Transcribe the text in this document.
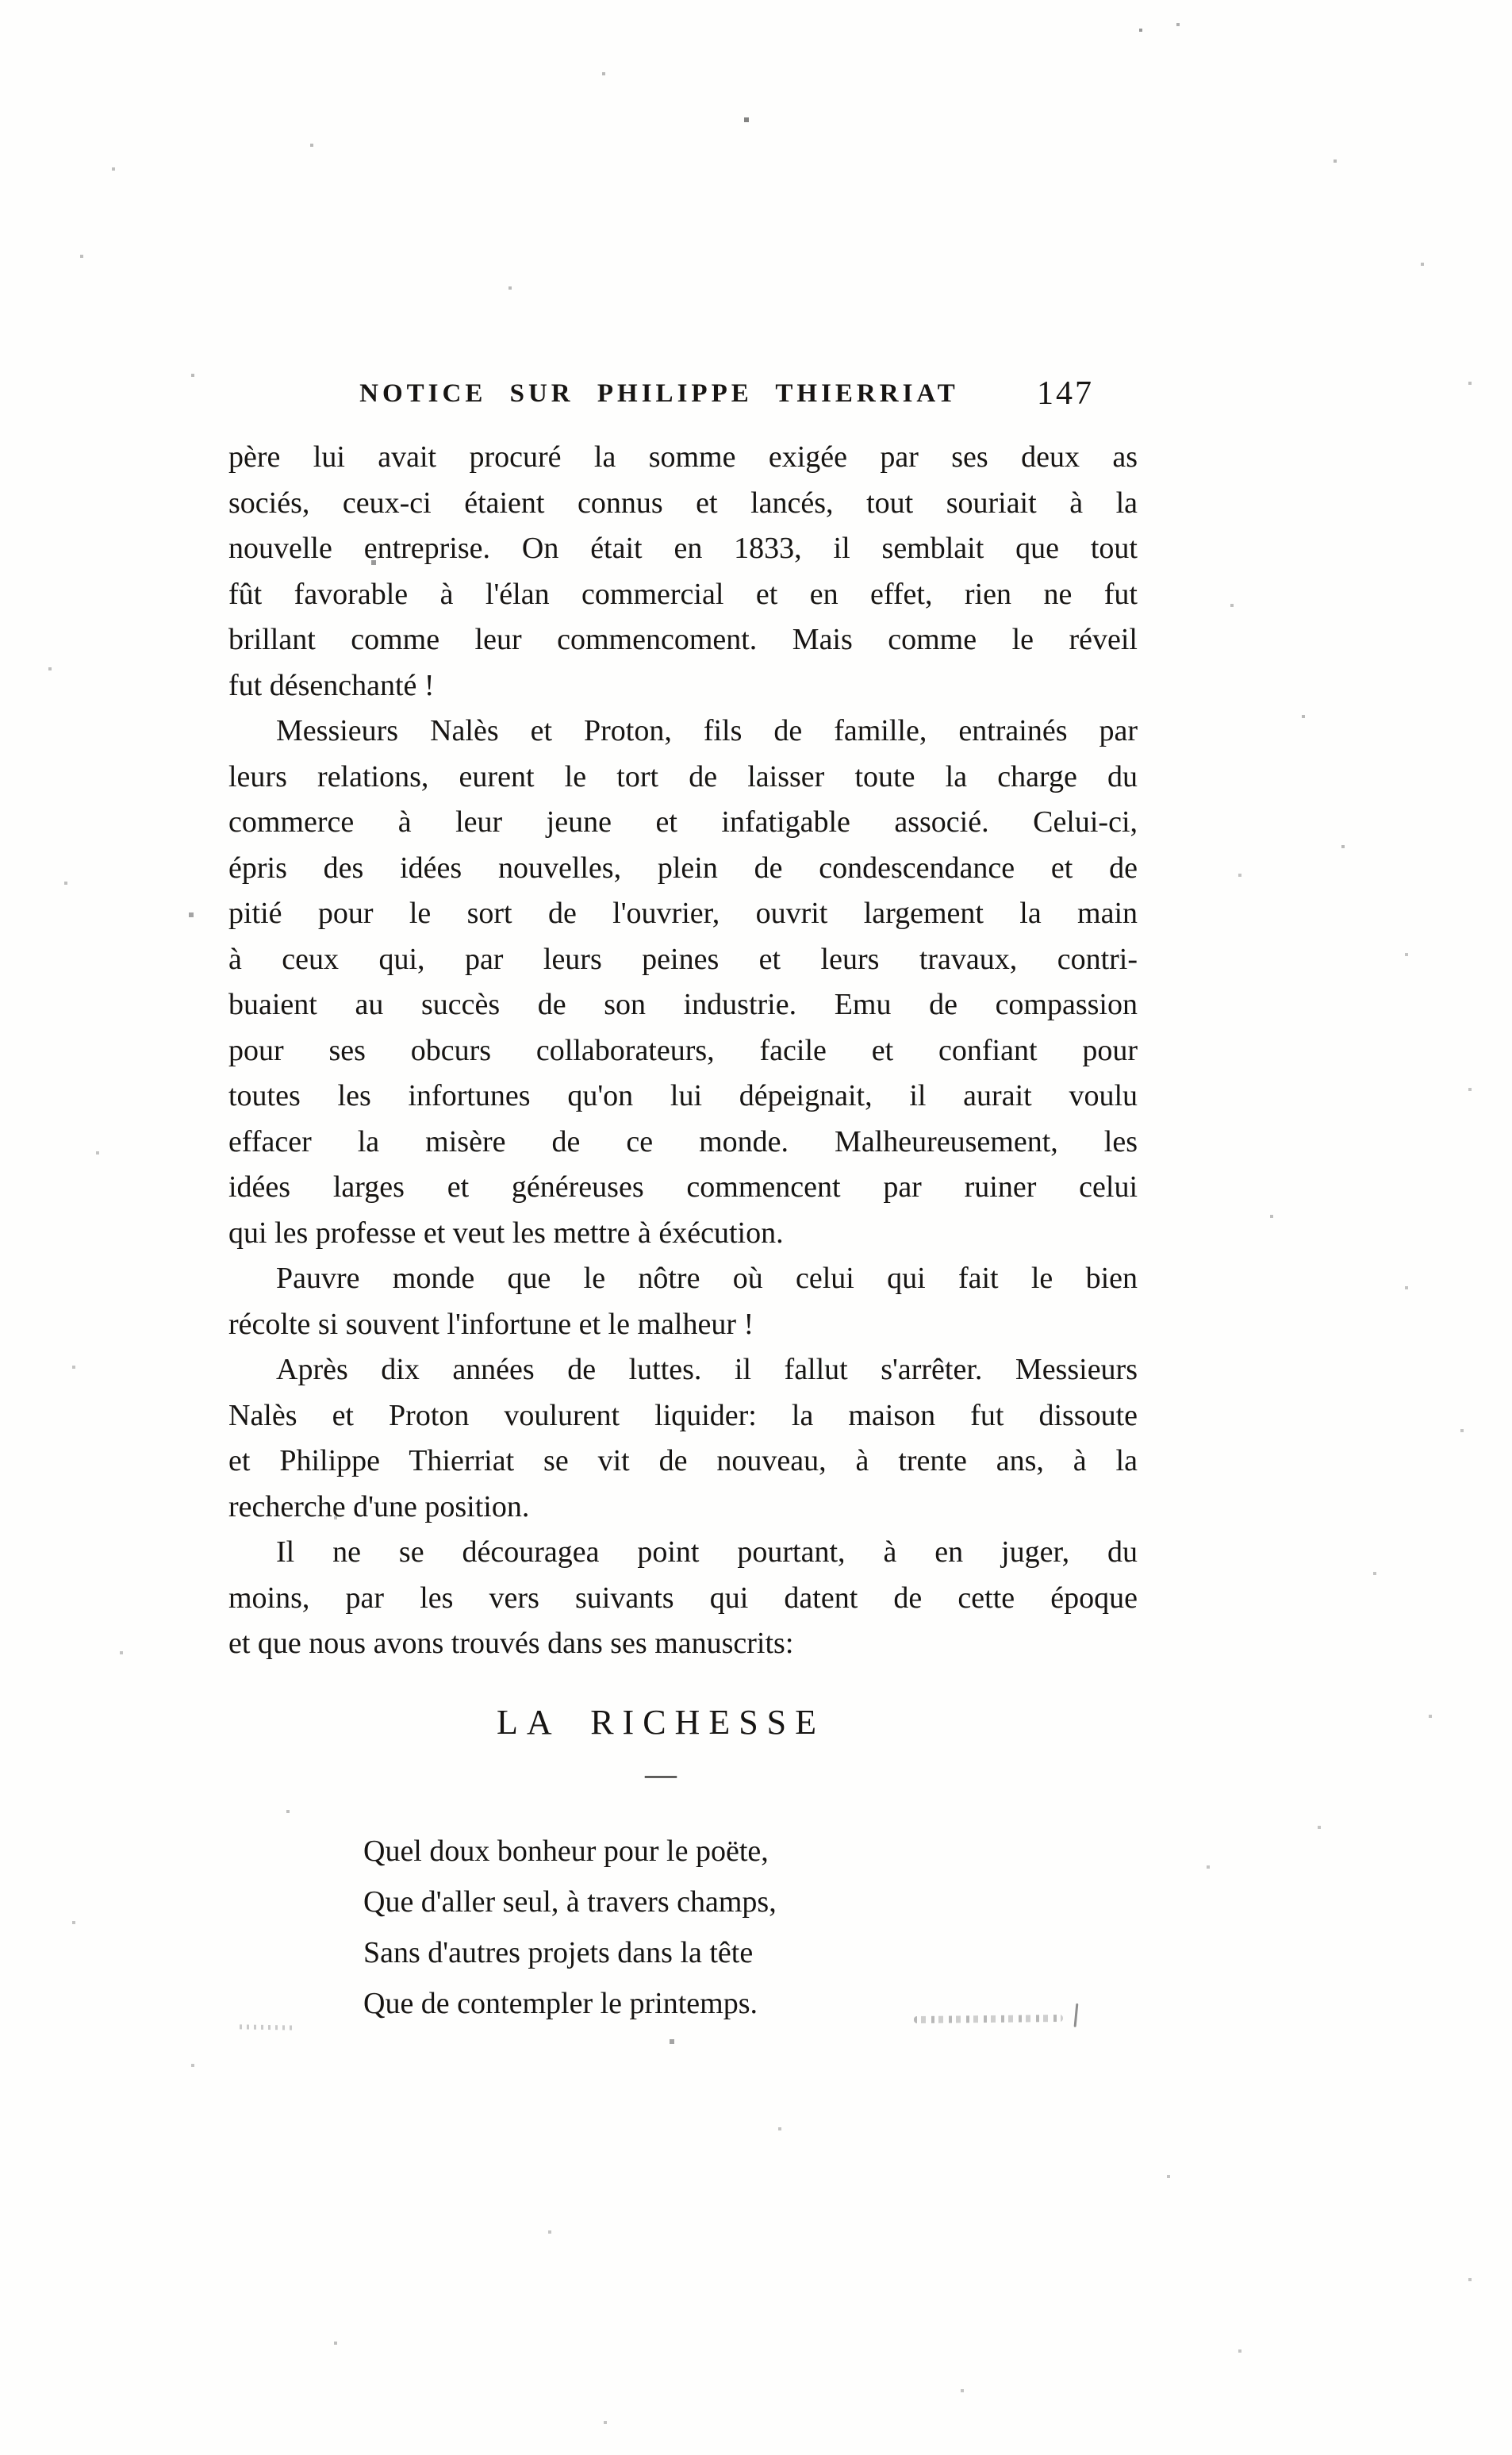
NOTICE SUR PHILIPPE THIERRIAT 147
père lui avait procuré la somme exigée par ses deux as
sociés, ceux-ci étaient connus et lancés, tout souriait à la
nouvelle entreprise. On était en 1833, il semblait que tout
fût favorable à l'élan commercial et en effet, rien ne fut
brillant comme leur commencoment. Mais comme le réveil
fut désenchanté !
Messieurs Nalès et Proton, fils de famille, entrainés par
leurs relations, eurent le tort de laisser toute la charge du
commerce à leur jeune et infatigable associé. Celui-ci,
épris des idées nouvelles, plein de condescendance et de
pitié pour le sort de l'ouvrier, ouvrit largement la main
à ceux qui, par leurs peines et leurs travaux, contri-
buaient au succès de son industrie. Emu de compassion
pour ses obcurs collaborateurs, facile et confiant pour
toutes les infortunes qu'on lui dépeignait, il aurait voulu
effacer la misère de ce monde. Malheureusement, les
idées larges et généreuses commencent par ruiner celui
qui les professe et veut les mettre à éxécution.
Pauvre monde que le nôtre où celui qui fait le bien
récolte si souvent l'infortune et le malheur !
Après dix années de luttes. il fallut s'arrêter. Messieurs
Nalès et Proton voulurent liquider: la maison fut dissoute
et Philippe Thierriat se vit de nouveau, à trente ans, à la
recherche d'une position.
Il ne se découragea point pourtant, à en juger, du
moins, par les vers suivants qui datent de cette époque
et que nous avons trouvés dans ses manuscrits:
LA RICHESSE
—
Quel doux bonheur pour le poëte,
Que d'aller seul, à travers champs,
Sans d'autres projets dans la tête
Que de contempler le printemps.
